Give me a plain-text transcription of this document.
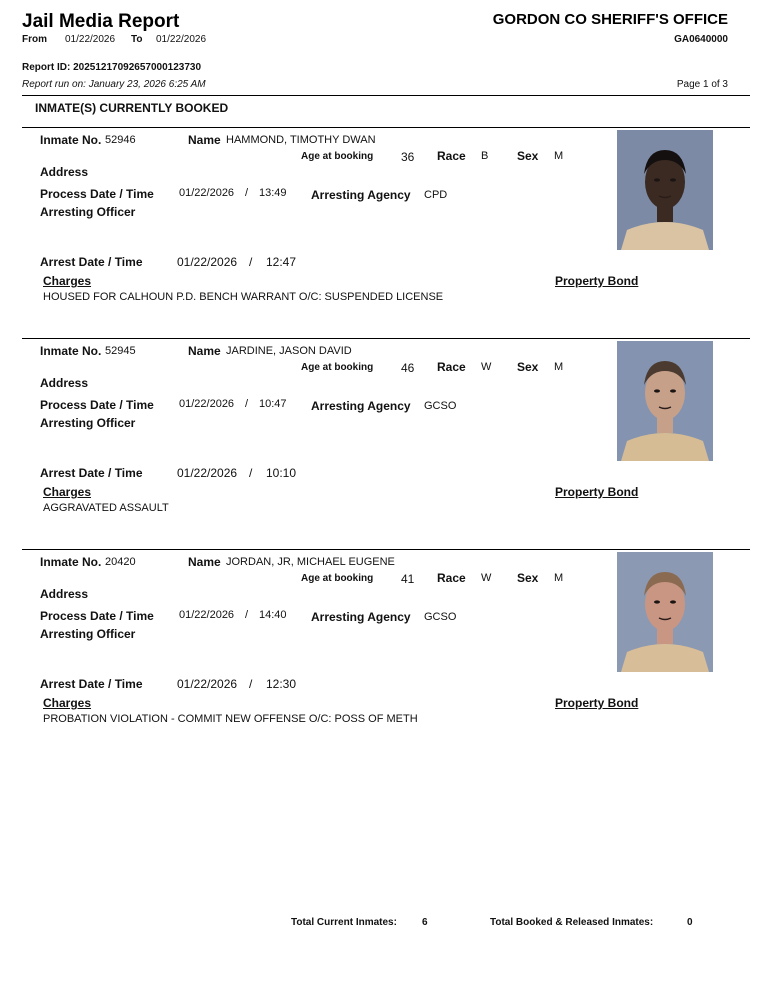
Jail Media Report	GORDON CO SHERIFF'S OFFICE
From 01/22/2026 To 01/22/2026	GA0640000
Report ID: 20251217092657000123730
Report run on: January 23, 2026 6:25 AM	Page 1 of 3
INMATE(S) CURRENTLY BOOKED
Inmate No. 52946	Name HAMMOND, TIMOTHY DWAN
Age at booking 36 Race B Sex M
Address
Process Date / Time 01/22/2026 / 13:49 Arresting Agency CPD
Arresting Officer
Arrest Date / Time	01/22/2026 / 12:47
Charges	Property Bond
HOUSED FOR CALHOUN P.D. BENCH WARRANT O/C: SUSPENDED LICENSE
Inmate No. 52945	Name JARDINE, JASON DAVID
Age at booking 46 Race W Sex M
Address
Process Date / Time 01/22/2026 / 10:47 Arresting Agency GCSO
Arresting Officer
Arrest Date / Time	01/22/2026 / 10:10
Charges	Property Bond
AGGRAVATED ASSAULT
Inmate No. 20420	Name JORDAN, JR, MICHAEL EUGENE
Age at booking 41 Race W Sex M
Address
Process Date / Time 01/22/2026 / 14:40 Arresting Agency GCSO
Arresting Officer
Arrest Date / Time	01/22/2026 / 12:30
Charges	Property Bond
PROBATION VIOLATION - COMMIT NEW OFFENSE O/C: POSS OF METH
Total Current Inmates:	6	Total Booked & Released Inmates:	0
